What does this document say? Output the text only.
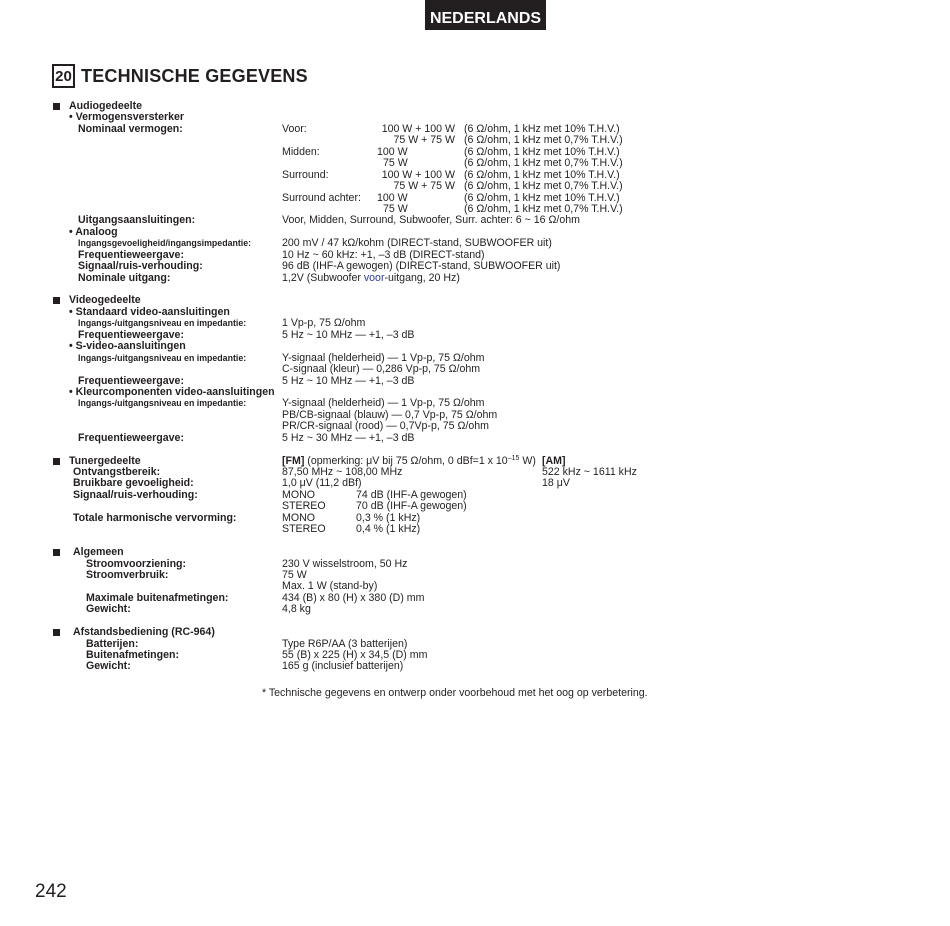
NEDERLANDS
20 TECHNISCHE GEGEVENS
Audiogedeelte
• Vermogensversterker
Nominaal vermogen:	Voor:	100 W + 100 W (6 Ω/ohm, 1 kHz met 10% T.H.V.)
75 W + 75 W (6 Ω/ohm, 1 kHz met 0,7% T.H.V.)
Midden:	100 W	(6 Ω/ohm, 1 kHz met 10% T.H.V.)
75 W	(6 Ω/ohm, 1 kHz met 0,7% T.H.V.)
Surround:	100 W + 100 W (6 Ω/ohm, 1 kHz met 10% T.H.V.)
75 W + 75 W (6 Ω/ohm, 1 kHz met 0,7% T.H.V.)
Surround achter: 100 W	(6 Ω/ohm, 1 kHz met 10% T.H.V.)
75 W	(6 Ω/ohm, 1 kHz met 0,7% T.H.V.)
Uitgangsaansluitingen:	Voor, Midden, Surround, Subwoofer, Surr. achter: 6 ~ 16 Ω/ohm
• Analoog
Ingangsgevoeligheid/ingangsimpedantie:	200 mV / 47 kΩ/kohm (DIRECT-stand, SUBWOOFER uit)
Frequentieweergave:	10 Hz ~ 60 kHz: +1, –3 dB (DIRECT-stand)
Signaal/ruis-verhouding:	96 dB (IHF-A gewogen) (DIRECT-stand, SUBWOOFER uit)
Nominale uitgang:	1,2V (Subwoofer voor-uitgang, 20 Hz)
Videogedeelte
• Standaard video-aansluitingen
Ingangs-/uitgangsniveau en impedantie:	1 Vp-p, 75 Ω/ohm
Frequentieweergave:	5 Hz ~ 10 MHz — +1, –3 dB
• S-video-aansluitingen
Ingangs-/uitgangsniveau en impedantie:	Y-signaal (helderheid) — 1 Vp-p, 75 Ω/ohm
C-signaal (kleur) — 0,286 Vp-p, 75 Ω/ohm
Frequentieweergave:	5 Hz ~ 10 MHz — +1, –3 dB
• Kleurcomponenten video-aansluitingen
Ingangs-/uitgangsniveau en impedantie:	Y-signaal (helderheid) — 1 Vp-p, 75 Ω/ohm
PB/CB-signaal (blauw) — 0,7 Vp-p, 75 Ω/ohm
PR/CR-signaal (rood) — 0,7Vp-p, 75 Ω/ohm
Frequentieweergave:	5 Hz ~ 30 MHz — +1, –3 dB
Tunergedeelte	[FM] (opmerking: μV bij 75 Ω/ohm, 0 dBf=1 x $10^{-15}$ W) [AM]
Ontvangstbereik:	87,50 MHz ~ 108,00 MHz	522 kHz ~ 1611 kHz
Bruikbare gevoeligheid:	1,0 μV (11,2 dBf)	18 μV
Signaal/ruis-verhouding:	MONO	74 dB (IHF-A gewogen)
STEREO	70 dB (IHF-A gewogen)
Totale harmonische vervorming:	MONO	0,3 % (1 kHz)
STEREO	0,4 % (1 kHz)
Algemeen
Stroomvoorziening:	230 V wisselstroom, 50 Hz
Stroomverbruik:	75 W
Max. 1 W (stand-by)
Maximale buitenafmetingen:	434 (B) x 80 (H) x 380 (D) mm
Gewicht:	4,8 kg
Afstandsbediening (RC-964)
Batterijen:	Type R6P/AA (3 batterijen)
Buitenafmetingen:	55 (B) x 225 (H) x 34,5 (D) mm
Gewicht:	165 g (inclusief batterijen)
* Technische gegevens en ontwerp onder voorbehoud met het oog op verbetering.
242
